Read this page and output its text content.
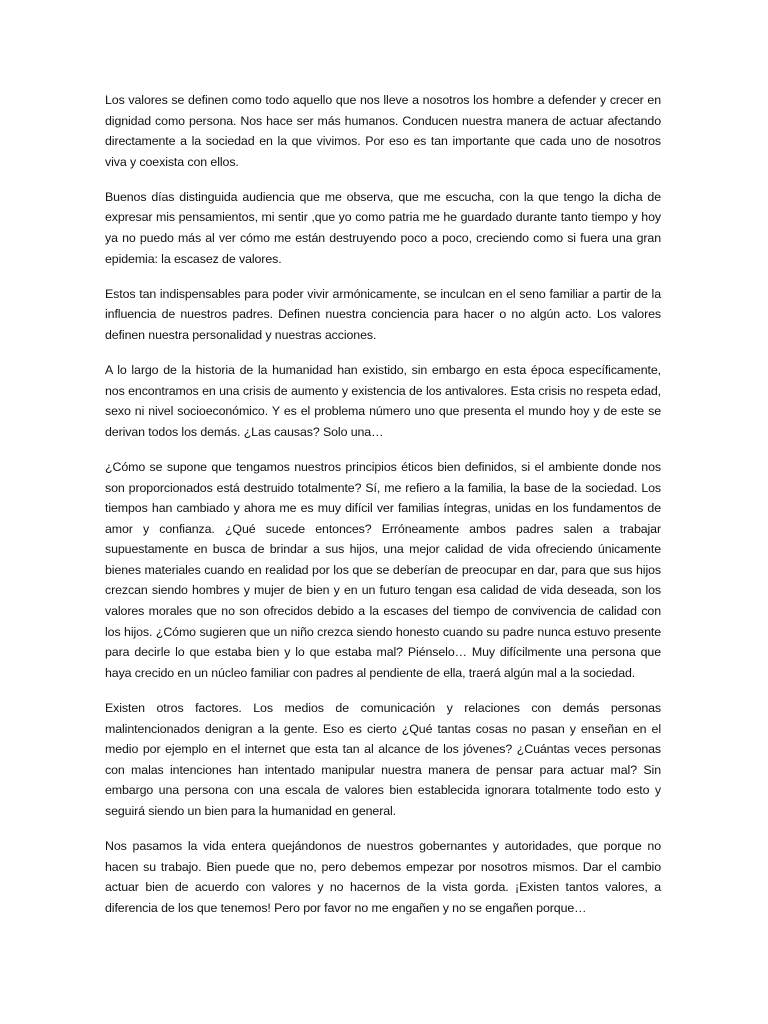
Los valores se definen como todo aquello que nos lleve a nosotros los hombre a defender y crecer en dignidad como persona. Nos hace ser más humanos. Conducen nuestra manera de actuar afectando directamente a la sociedad en la que vivimos. Por eso es tan importante que cada uno de nosotros viva y coexista con ellos.

Buenos días distinguida audiencia que me observa, que me escucha, con la que tengo la dicha de expresar mis pensamientos, mi sentir ,que yo como patria me he guardado durante tanto tiempo y hoy ya no puedo más al ver cómo me están destruyendo poco a poco, creciendo como si fuera una gran epidemia: la escasez de valores.

Estos tan indispensables para poder vivir armónicamente, se inculcan en el seno familiar a partir de la influencia de nuestros padres. Definen nuestra conciencia para hacer o no algún acto. Los valores definen nuestra personalidad y nuestras acciones.

A lo largo de la historia de la humanidad han existido, sin embargo en esta época específicamente, nos encontramos en una crisis de aumento y existencia de los antivalores. Esta crisis no respeta edad, sexo ni nivel socioeconómico. Y es el problema número uno que presenta el mundo hoy y de este se derivan todos los demás. ¿Las causas? Solo una…

¿Cómo se supone que tengamos nuestros principios éticos bien definidos, si el ambiente donde nos son proporcionados está destruido totalmente? Sí, me refiero a la familia, la base de la sociedad. Los tiempos han cambiado y ahora me es muy difícil ver familias íntegras, unidas en los fundamentos de amor y confianza. ¿Qué sucede entonces? Erróneamente ambos padres salen a trabajar supuestamente en busca de brindar a sus hijos, una mejor calidad de vida ofreciendo únicamente bienes materiales cuando en realidad por los que se deberían de preocupar en dar, para que sus hijos crezcan siendo hombres y mujer de bien y en un futuro tengan esa calidad de vida deseada, son los valores morales que no son ofrecidos debido a la escases del tiempo de convivencia de calidad con los hijos. ¿Cómo sugieren que un niño crezca siendo honesto cuando su padre nunca estuvo presente para decirle lo que estaba bien y lo que estaba mal? Piénselo… Muy difícilmente una persona que haya crecido en un núcleo familiar con padres al pendiente de ella, traerá algún mal a la sociedad.

Existen otros factores. Los medios de comunicación y relaciones con demás personas malintencionados denigran a la gente. Eso es cierto ¿Qué tantas cosas no pasan y enseñan en el medio por ejemplo en el internet que esta tan al alcance de los jóvenes? ¿Cuántas veces personas con malas intenciones han intentado manipular nuestra manera de pensar para actuar mal? Sin embargo una persona con una escala de valores bien establecida ignorara totalmente todo esto y seguirá siendo un bien para la humanidad en general.

Nos pasamos la vida entera quejándonos de nuestros gobernantes y autoridades, que porque no hacen su trabajo. Bien puede que no, pero debemos empezar por nosotros mismos. Dar el cambio actuar bien de acuerdo con valores y no hacernos de la vista gorda. ¡Existen tantos valores, a diferencia de los que tenemos! Pero por favor no me engañen y no se engañen porque…
